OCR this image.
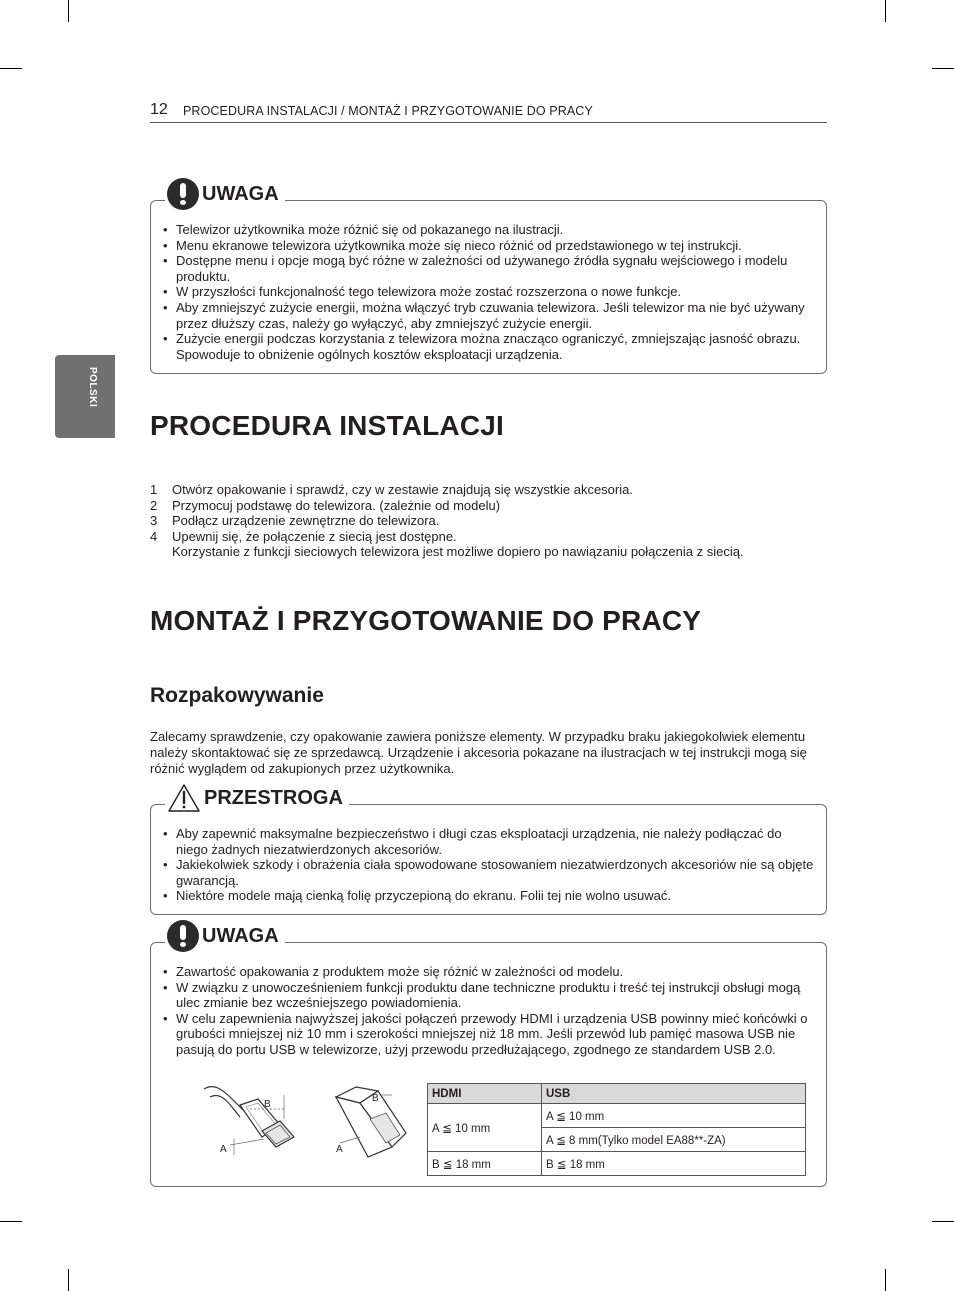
12 PROCEDURA INSTALACJI / MONTAŻ I PRZYGOTOWANIE DO PRACY
POLSKI
UWAGA
• Telewizor użytkownika może różnić się od pokazanego na ilustracji.
• Menu ekranowe telewizora użytkownika może się nieco różnić od przedstawionego w tej instrukcji.
• Dostępne menu i opcje mogą być różne w zależności od używanego źródła sygnału wejściowego i modelu produktu.
• W przyszłości funkcjonalność tego telewizora może zostać rozszerzona o nowe funkcje.
• Aby zmniejszyć zużycie energii, można włączyć tryb czuwania telewizora. Jeśli telewizor ma nie być używany przez dłuższy czas, należy go wyłączyć, aby zmniejszyć zużycie energii.
• Zużycie energii podczas korzystania z telewizora można znacząco ograniczyć, zmniejszając jasność obrazu. Spowoduje to obniżenie ogólnych kosztów eksploatacji urządzenia.
PROCEDURA INSTALACJI
1 Otwórz opakowanie i sprawdź, czy w zestawie znajdują się wszystkie akcesoria.
2 Przymocuj podstawę do telewizora. (zależnie od modelu)
3 Podłącz urządzenie zewnętrzne do telewizora.
4 Upewnij się, że połączenie z siecią jest dostępne.
Korzystanie z funkcji sieciowych telewizora jest możliwe dopiero po nawiązaniu połączenia z siecią.
MONTAŻ I PRZYGOTOWANIE DO PRACY
Rozpakowywanie

Zalecamy sprawdzenie, czy opakowanie zawiera poniższe elementy. W przypadku braku jakiegokolwiek elementu należy skontaktować się ze sprzedawcą. Urządzenie i akcesoria pokazane na ilustracjach w tej instrukcji mogą się różnić wyglądem od zakupionych przez użytkownika.

PRZESTROGA
• Aby zapewnić maksymalne bezpieczeństwo i długi czas eksploatacji urządzenia, nie należy podłączać do niego żadnych niezatwierdzonych akcesoriów.
• Jakiekolwiek szkody i obrażenia ciała spowodowane stosowaniem niezatwierdzonych akcesoriów nie są objęte gwarancją.
• Niektóre modele mają cienką folię przyczepioną do ekranu. Folii tej nie wolno usuwać.
UWAGA
• Zawartość opakowania z produktem może się różnić w zależności od modelu.
• W związku z unowocześnieniem funkcji produktu dane techniczne produktu i treść tej instrukcji obsługi mogą ulec zmianie bez wcześniejszego powiadomienia.
• W celu zapewnienia najwyższej jakości połączeń przewody HDMI i urządzenia USB powinny mieć końcówki o grubości mniejszej niż 10 mm i szerokości mniejszej niż 18 mm. Jeśli przewód lub pamięć masowa USB nie pasują do portu USB w telewizorze, użyj przewodu przedłużającego, zgodnego ze standardem USB 2.0.
B
A
B
A
HDMI	USB
A ≦ 10 mm	A ≦ 10 mm
	A ≦ 8 mm(Tylko model EA88**-ZA)
B ≦ 18 mm	B ≦ 18 mm
